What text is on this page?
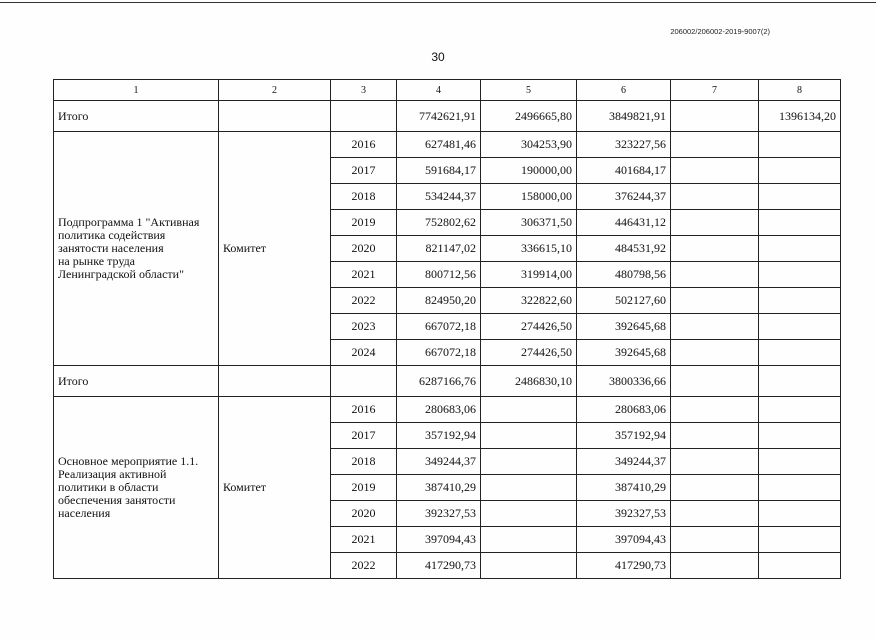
206002/206002-2019-9007(2)
30
1	2	3	4	5	6	7	8
Итого			7742621,91	2496665,80	3849821,91		1396134,20

Подпрограмма 1 "Активная
политика содействия
занятости населения
на рынке труда
Ленинградской области"	Комитет	2016	627481,46	304253,90	323227,56		
		2017	591684,17	190000,00	401684,17		
		2018	534244,37	158000,00	376244,37		
		2019	752802,62	306371,50	446431,12		
		2020	821147,02	336615,10	484531,92		
		2021	800712,56	319914,00	480798,56		
		2022	824950,20	322822,60	502127,60		
		2023	667072,18	274426,50	392645,68		
		2024	667072,18	274426,50	392645,68		
Итого			6287166,76	2486830,10	3800336,66		

Основное мероприятие 1.1.
Реализация активной
политики в области
обеспечения занятости
населения	Комитет	2016	280683,06		280683,06		
		2017	357192,94		357192,94		
		2018	349244,37		349244,37		
		2019	387410,29		387410,29		
		2020	392327,53		392327,53		
		2021	397094,43		397094,43		
		2022	417290,73		417290,73		
